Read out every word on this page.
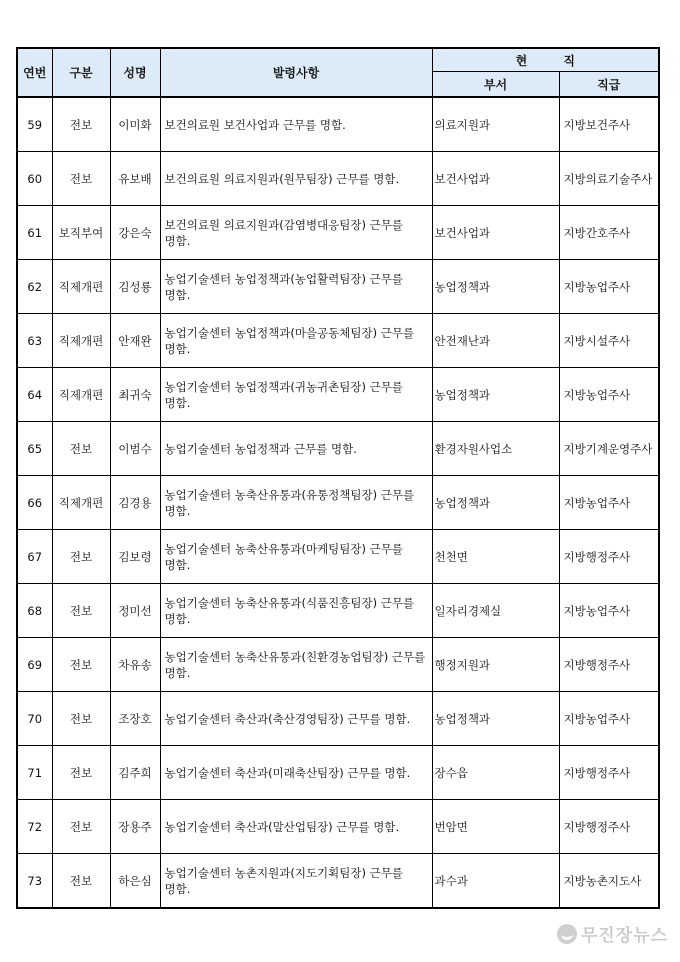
연번	구분	성명	발령사항	현 직	
				부서	직급
59	전보	이미화	보건의료원 보건사업과 근무를 명함.	의료지원과	지방보건주사
60	전보	유보배	보건의료원 의료지원과(원무팀장) 근무를 명함.	보건사업과	지방의료기술주사
61	보직부여	강은숙	보건의료원 의료지원과(감염병대응팀장) 근무를 명함.	보건사업과	지방간호주사
62	직제개편	김성룡	농업기술센터 농업정책과(농업활력팀장) 근무를 명함.	농업정책과	지방농업주사
63	직제개편	안재완	농업기술센터 농업정책과(마을공동체팀장) 근무를 명함.	안전재난과	지방시설주사
64	직제개편	최귀숙	농업기술센터 농업정책과(귀농귀촌팀장) 근무를 명함.	농업정책과	지방농업주사
65	전보	이범수	농업기술센터 농업정책과 근무를 명함.	환경자원사업소	지방기계운영주사
66	직제개편	김경용	농업기술센터 농축산유통과(유통정책팀장) 근무를 명함.	농업정책과	지방농업주사
67	전보	김보령	농업기술센터 농축산유통과(마케팅팀장) 근무를 명함.	천천면	지방행정주사
68	전보	정미선	농업기술센터 농축산유통과(식품진흥팀장) 근무를 명함.	일자리경제실	지방농업주사
69	전보	차유송	농업기술센터 농축산유통과(친환경농업팀장) 근무를 명함.	행정지원과	지방행정주사
70	전보	조장호	농업기술센터 축산과(축산경영팀장) 근무를 명함.	농업정책과	지방농업주사
71	전보	김주희	농업기술센터 축산과(미래축산팀장) 근무를 명함.	장수읍	지방행정주사
72	전보	장용주	농업기술센터 축산과(말산업팀장) 근무를 명함.	번암면	지방행정주사
73	전보	하은심	농업기술센터 농촌지원과(지도기획팀장) 근무를 명함.	과수과	지방농촌지도사
무진장뉴스
